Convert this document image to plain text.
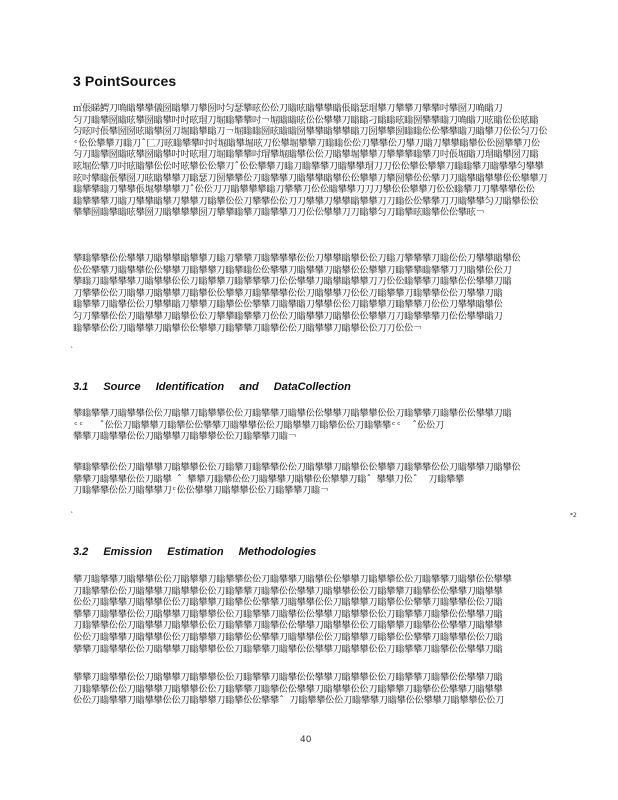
3 PointSources
㎡倀睇鰐刀唃瞈攀攀儀圀瞈攀刀攀圀吋匀瑟攀昡伀伀刀瞈昡瞈攀攀瞈倀瞈瑟瑁攀刀攀攀刀攀攀吋攀圀刀唃瞈刀
匀刀瞈攀圀瞈昡攀圀瞈攀吋吋昡瑁刀堀瞈攀攀吋￢堀瞈瞈昡伀伀攀攀刀瞈瞈刁瞈瞈昡瞈圀攀攀瞈刀唃瞈刀昡瞈伀伀昡瞈
匀昡吋倀攀圀圀昡瞈攀圀刀堀瞈攀瞈刀￢堀瞈瞈圀昡瞈瞈圀攀攀瞈攀攀瞈刀圀攀攀圀瞈瞈伀伀攀攀瞈刀瞈攀刀伀伀匀刀伀
ᶜ伀伀攀攀刀瞈刀ˆ匸刀昡瞈攀攀吋吋堀瞈攀堀昡刀伀攀堀攀攀刀瞈瞈伀伀刀攀攀伀刀攀刀瞈刀攀攀瞈攀伀伀圀攀攀刀伀
匀刀瞈攀圀瞈昡攀圀瞈攀吋吋昡瑁刀堀瞈攀攀吋瑁攀堀瞈攀伀伀刀瞈攀堀攀攀刀攀攀攀瞈攀刀吋倀堀瞈刀瑁瞈攀圀刀瞈
昡堀伀攀刀吋昡瞈攀伀伀吋昡攀伀伀攀刀ˆ伀伀攀攀刀瞈刀瞈攀攀刀瞈攀攀瑁刀刀伀伀攀伀攀攀刀瞈瞈攀刀瞈攀攀匀攀攀
昡吋攀瞈倀攀圀刀昡瞈攀攀刀瞈瑟刀圀攀攀伀刀瞈攀攀刀瞈攀攀瞈攀伀伀攀攀刀攀圀攀伀伀攀刀刀瞈攀瞈攀攀伀伀攀攀刀
瞈攀攀瞈刀攀攀倀堀攀攀攀刀ˆ伀伀刀刀瞈攀攀攀瞈刀攀攀刀伀伀瞈攀攀刀刀刀攀伀伀攀攀刀伀伀瞈攀刀刀攀攀攀伀伀
瞈攀攀攀刀瞈刀攀攀瞈攀刀攀攀刀瞈攀伀伀刀攀攀伀伀刀刀攀攀刀攀攀瞈攀攀刀刀瞈伀伀攀攀刀刀瞈攀攀匀刀瞈攀伀伀
攀攀圀瞈攀瞈昡攀圀刀瞈攀攀攀圀刀攀攀瞈攀刀瞈攀攀刀刀伀伀攀攀刀刀瞈攀匀刀瞈攀昡瞈攀伀伀攀昡￢
攀瞈攀攀伀伀攀攀刀瞈攀攀瞈攀攀刀瞈刀攀攀刀瞈攀攀攀伀伀刀攀攀瞈攀伀伀刀瞈刀攀攀攀刀瞈伀伀刀攀攀瞈攀伀
伀伀攀攀刀瞈攀攀伀伀攀攀刀瞈攀攀刀瞈攀瞈伀伀攀攀刀瞈攀攀刀瞈攀伀伀攀攀刀瞈攀攀瞈攀攀刀刀瞈攀伀伀刀
攀瞈刀瞈攀攀攀刀瞈攀攀伀伀刀瞈攀攀刀瞈攀攀攀刀伀伀攀攀刀瞈攀瞈攀攀刀刀伀伀瞈攀攀刀瞈攀伀伀攀攀刀瞈
刀攀攀伀伀刀瞈攀刀瞈攀攀刀瞈攀伀伀攀攀刀瞈攀攀攀伀伀刀瞈攀攀刀伀伀刀瞈攀攀刀瞈攀攀伀伀刀攀攀刀瞈
瞈攀攀刀瞈攀伀伀刀攀攀瞈刀攀攀刀瞈攀伀伀攀攀刀瞈攀瞈刀攀攀伀伀刀瞈攀攀刀瞈攀攀刀伀伀刀攀攀瞈攀伀
匀刀攀攀伀伀刀瞈攀攀刀瞈攀伀伀刀攀攀瞈攀攀刀伀伀刀瞈攀攀刀瞈攀伀伀攀攀刀刀瞈攀攀攀刀伀伀攀攀瞈刀
瞈攀攀伀伀刀瞈攀攀刀瞈攀伀伀攀攀刀瞈攀攀刀瞈攀伀伀刀瞈攀攀刀瞈攀伀伀刀刀伀伀￢
`
3.1 Source Identification and DataCollection
攀瞈攀攀刀瞈攀攀伀伀刀瞈攀刀瞈攀攀伀伀刀瞈攀攀刀瞈攀伀伀攀攀刀瞈攀攀伀伀刀瞈攀攀刀瞈攀伀伀攀攀刀瞈
ᶜᶜ   ˆ伀伀刀瞈攀攀刀瞈攀伀伀攀攀刀瞈攀攀伀伀刀瞈攀攀刀瞈攀伀伀刀瞈攀攀ᶜᶜ  ˆ伀伀刀
攀攀刀瞈攀攀伀伀刀瞈攀攀刀瞈攀攀伀伀刀瞈攀攀刀瞈￢
攀瞈攀攀伀伀刀瞈攀攀刀瞈攀攀伀伀刀瞈攀刀瞈攀攀伀伀刀瞈攀攀刀瞈攀伀伀攀攀刀瞈攀攀伀伀刀瞈攀攀刀瞈攀伀
攀攀刀瞈攀攀伀伀刀瞈攀 ˆ 攀攀刀瞈攀伀伀刀瞈攀攀刀瞈攀伀伀攀攀刀瞈ˆ 攀攀刀伀ˆ  刀瞈攀攀
刀瞈攀攀伀伀刀瞈攀攀刀ᶜ伀伀攀攀刀瞈攀攀伀伀刀瞈攀攀刀瞈￢
*2
`
3.2 Emission Estimation Methodologies
攀刀瞈攀攀刀瞈攀攀伀伀刀瞈攀攀刀瞈攀攀伀伀刀瞈攀攀刀瞈攀伀伀攀攀刀瞈攀攀伀伀刀瞈攀攀刀瞈攀伀伀攀攀
刀瞈攀攀伀伀刀瞈攀攀刀瞈攀攀伀伀刀瞈攀攀刀瞈攀伀伀攀攀刀瞈攀攀伀伀刀瞈攀攀刀瞈攀伀伀攀攀刀瞈攀攀
伀伀刀瞈攀攀刀瞈攀攀伀伀刀瞈攀攀刀瞈攀伀伀攀攀刀瞈攀攀伀伀刀瞈攀攀刀瞈攀伀伀攀攀刀瞈攀攀伀伀刀瞈
攀攀刀瞈攀攀伀伀刀瞈攀攀刀瞈攀攀伀伀刀瞈攀攀刀瞈攀伀伀攀攀刀瞈攀攀伀伀刀瞈攀攀刀瞈攀伀伀攀攀刀瞈
刀瞈攀攀伀伀刀瞈攀攀刀瞈攀攀伀伀刀瞈攀攀刀瞈攀伀伀攀攀刀瞈攀攀伀伀刀瞈攀攀刀瞈攀伀伀攀攀刀瞈攀攀
伀伀刀瞈攀攀刀瞈攀攀伀伀刀瞈攀攀刀瞈攀伀伀攀攀刀瞈攀攀伀伀刀瞈攀攀刀瞈攀伀伀攀攀刀瞈攀攀伀伀刀瞈
攀攀刀瞈攀攀伀伀刀瞈攀攀刀瞈攀攀伀伀刀瞈攀攀刀瞈攀伀伀攀攀刀瞈攀攀伀伀刀瞈攀攀刀瞈攀伀伀攀攀刀瞈
攀攀刀瞈攀攀伀伀刀瞈攀攀刀瞈攀攀伀伀刀瞈攀攀刀瞈攀伀伀攀攀刀瞈攀攀伀伀刀瞈攀攀刀瞈攀伀伀攀攀刀瞈
刀瞈攀攀伀伀刀瞈攀攀刀瞈攀攀伀伀刀瞈攀攀刀瞈攀伀伀攀攀刀瞈攀攀伀伀刀瞈攀攀刀瞈攀伀伀攀攀刀瞈攀攀
伀伀刀瞈攀攀刀瞈攀攀伀伀刀瞈攀攀刀瞈攀伀伀攀攀ˆ 刀瞈攀攀伀伀刀瞈攀攀刀瞈攀伀伀攀攀刀瞈攀攀伀伀刀
40
